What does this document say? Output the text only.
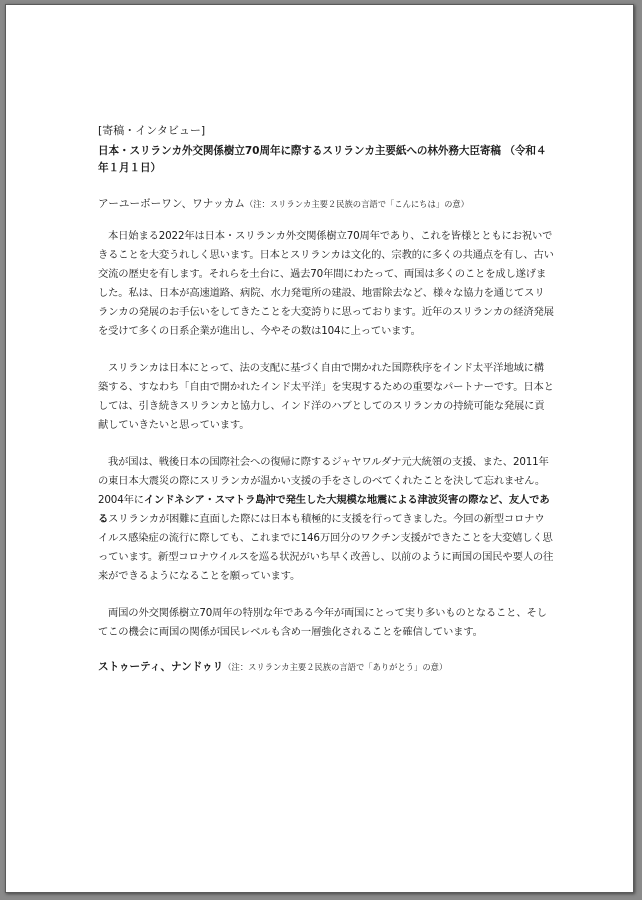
[寄稿・インタビュー]

日本・スリランカ外交関係樹立70周年に際するスリランカ主要紙への林外務大臣寄稿 （令和４年１月１日）

アーユーボーワン、ワナッカム（注：スリランカ主要２民族の言語で「こんにちは」の意）

本日始まる2022年は日本・スリランカ外交関係樹立70周年であり、これを皆様とともにお祝いできることを大変うれしく思います。日本とスリランカは文化的、宗教的に多くの共通点を有し、古い交流の歴史を有します。それらを土台に、過去70年間にわたって、両国は多くのことを成し遂げました。私は、日本が高速道路、病院、水力発電所の建設、地雷除去など、様々な協力を通じてスリランカの発展のお手伝いをしてきたことを大変誇りに思っております。近年のスリランカの経済発展を受けて多くの日系企業が進出し、今やその数は104に上っています。

スリランカは日本にとって、法の支配に基づく自由で開かれた国際秩序をインド太平洋地域に構築する、すなわち「自由で開かれたインド太平洋」を実現するための重要なパートナーです。日本としては、引き続きスリランカと協力し、インド洋のハブとしてのスリランカの持続可能な発展に貢献していきたいと思っています。

我が国は、戦後日本の国際社会への復帰に際するジャヤワルダナ元大統領の支援、また、2011年の東日本大震災の際にスリランカが温かい支援の手をさしのべてくれたことを決して忘れません。2004年にインドネシア・スマトラ島沖で発生した大規模な地震による津波災害の際など、友人であるスリランカが困難に直面した際には日本も積極的に支援を行ってきました。今回の新型コロナウイルス感染症の流行に際しても、これまでに146万回分のワクチン支援ができたことを大変嬉しく思っています。新型コロナウイルスを巡る状況がいち早く改善し、以前のように両国の国民や要人の往来ができるようになることを願っています。

両国の外交関係樹立70周年の特別な年である今年が両国にとって実り多いものとなること、そしてこの機会に両国の関係が国民レベルも含め一層強化されることを確信しています。

ストゥーティ、ナンドゥリ（注：スリランカ主要２民族の言語で「ありがとう」の意）
